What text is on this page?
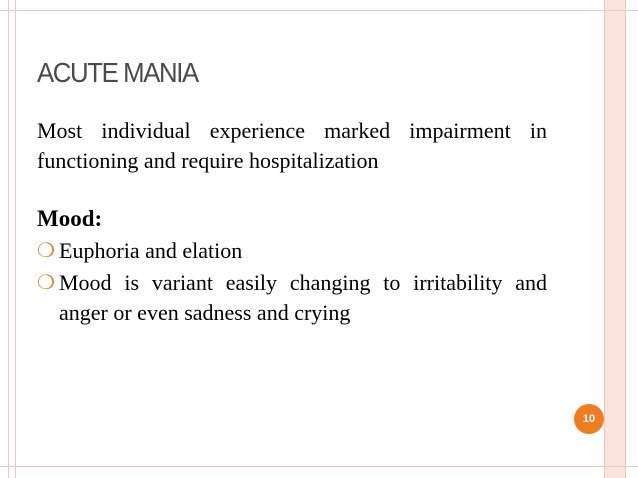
ACUTE MANIA

Most individual experience marked impairment in functioning and require hospitalization

Mood:
❍ Euphoria and elation
❍ Mood is variant easily changing to irritability and anger or even sadness and crying
10
